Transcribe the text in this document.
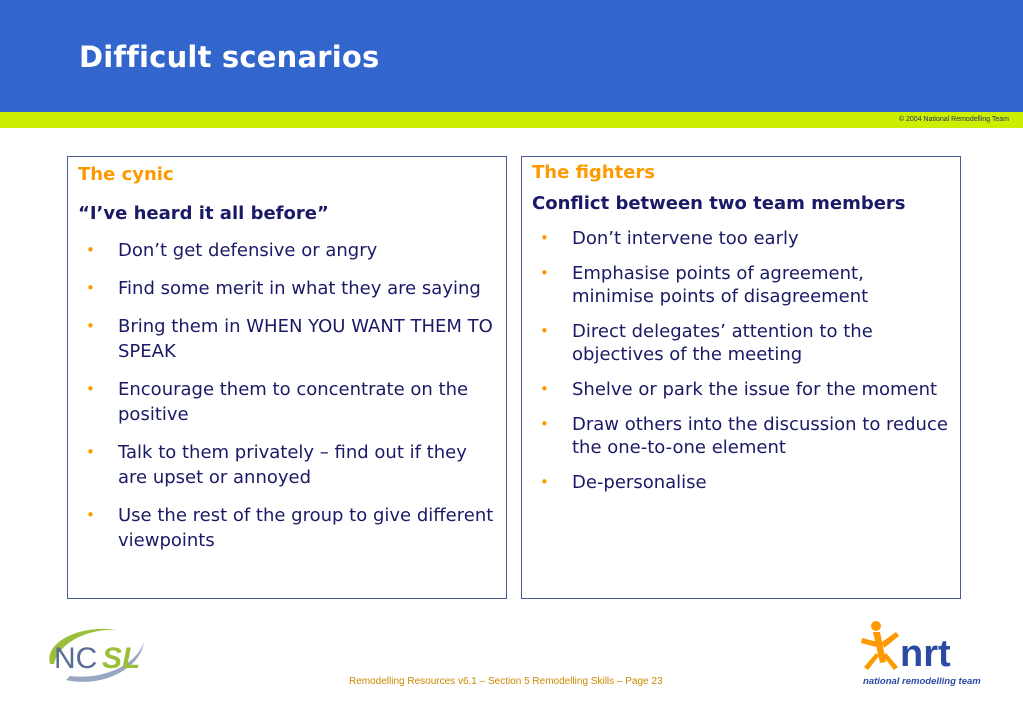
Difficult scenarios
© 2004 National Remodelling Team
The cynic
“I’ve heard it all before”
• Don’t get defensive or angry
• Find some merit in what they are saying
• Bring them in WHEN YOU WANT THEM TO SPEAK
• Encourage them to concentrate on the positive
• Talk to them privately – find out if they are upset or annoyed
• Use the rest of the group to give different viewpoints
The fighters
Conflict between two team members
• Don’t intervene too early
• Emphasise points of agreement, minimise points of disagreement
• Direct delegates’ attention to the objectives of the meeting
• Shelve or park the issue for the moment
• Draw others into the discussion to reduce the one-to-one element
• De-personalise
NC SL
Remodelling Resources v6.1 – Section 5 Remodelling Skills – Page 23
nrt
national remodelling team
